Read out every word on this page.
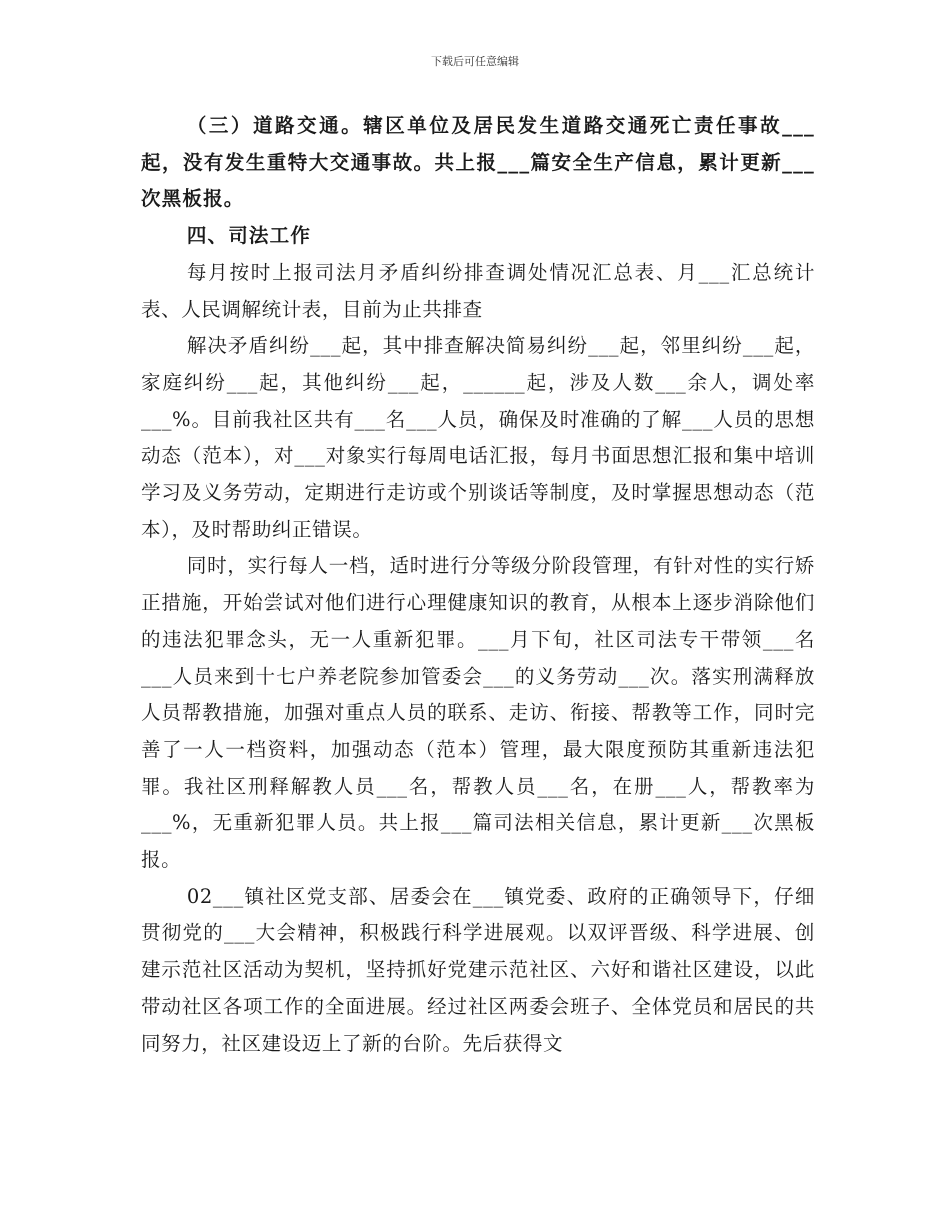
下载后可任意编辑

（三）道路交通。辖区单位及居民发生道路交通死亡责任事故___起，没有发生重特大交通事故。共上报___篇安全生产信息，累计更新___次黑板报。

四、司法工作

每月按时上报司法月矛盾纠纷排查调处情况汇总表、月___汇总统计表、人民调解统计表，目前为止共排查

解决矛盾纠纷___起，其中排查解决简易纠纷___起，邻里纠纷___起，家庭纠纷___起，其他纠纷___起，______起，涉及人数___余人，调处率___%。目前我社区共有___名___人员，确保及时准确的了解___人员的思想动态（范本），对___对象实行每周电话汇报，每月书面思想汇报和集中培训学习及义务劳动，定期进行走访或个别谈话等制度，及时掌握思想动态（范本），及时帮助纠正错误。

同时，实行每人一档，适时进行分等级分阶段管理，有针对性的实行矫正措施，开始尝试对他们进行心理健康知识的教育，从根本上逐步消除他们的违法犯罪念头，无一人重新犯罪。___月下旬，社区司法专干带领___名___人员来到十七户养老院参加管委会___的义务劳动___次。落实刑满释放人员帮教措施，加强对重点人员的联系、走访、衔接、帮教等工作，同时完善了一人一档资料，加强动态（范本）管理，最大限度预防其重新违法犯罪。我社区刑释解教人员___名，帮教人员___名，在册___人，帮教率为___%，无重新犯罪人员。共上报___篇司法相关信息，累计更新___次黑板报。

02___镇社区党支部、居委会在___镇党委、政府的正确领导下，仔细贯彻党的___大会精神，积极践行科学进展观。以双评晋级、科学进展、创建示范社区活动为契机，坚持抓好党建示范社区、六好和谐社区建设，以此带动社区各项工作的全面进展。经过社区两委会班子、全体党员和居民的共同努力，社区建设迈上了新的台阶。先后获得文
